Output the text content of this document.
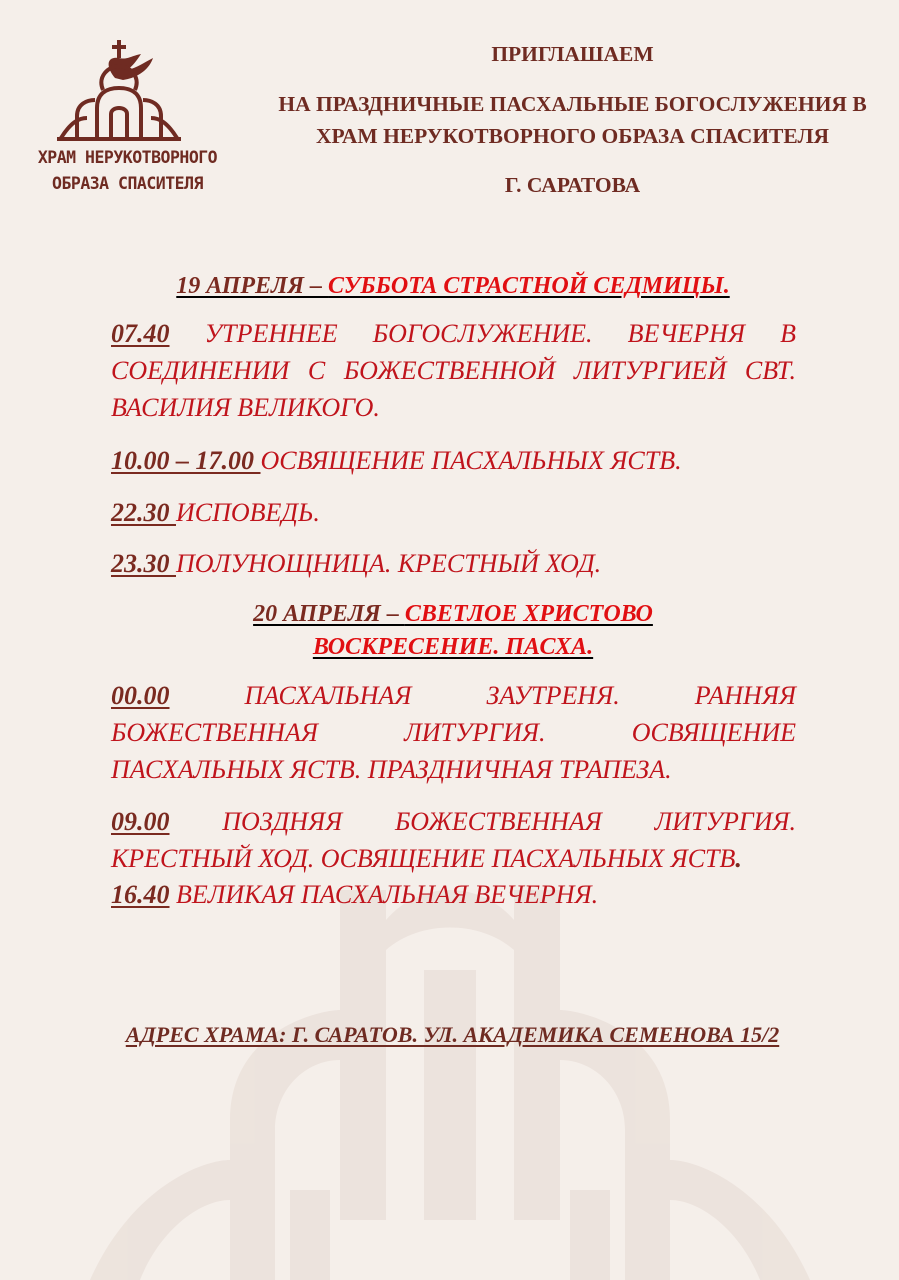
ХРАМ НЕРУКОТВОРНОГО
ОБРАЗА СПАСИТЕЛЯ
ПРИГЛАШАЕМ
НА ПРАЗДНИЧНЫЕ ПАСХАЛЬНЫЕ БОГОСЛУЖЕНИЯ В
ХРАМ НЕРУКОТВОРНОГО ОБРАЗА СПАСИТЕЛЯ
Г. САРАТОВА
19 АПРЕЛЯ – СУББОТА СТРАСТНОЙ СЕДМИЦЫ.
07.40 УТРЕННЕЕ БОГОСЛУЖЕНИЕ. ВЕЧЕРНЯ В СОЕДИНЕНИИ С БОЖЕСТВЕННОЙ ЛИТУРГИЕЙ СВТ. ВАСИЛИЯ ВЕЛИКОГО.
10.00 – 17.00 ОСВЯЩЕНИЕ ПАСХАЛЬНЫХ ЯСТВ.
22.30 ИСПОВЕДЬ.
23.30 ПОЛУНОЩНИЦА. КРЕСТНЫЙ ХОД.
20 АПРЕЛЯ – СВЕТЛОЕ ХРИСТОВО
ВОСКРЕСЕНИЕ. ПАСХА.
00.00 ПАСХАЛЬНАЯ ЗАУТРЕНЯ. РАННЯЯ БОЖЕСТВЕННАЯ ЛИТУРГИЯ. ОСВЯЩЕНИЕ ПАСХАЛЬНЫХ ЯСТВ. ПРАЗДНИЧНАЯ ТРАПЕЗА.
09.00 ПОЗДНЯЯ БОЖЕСТВЕННАЯ ЛИТУРГИЯ. КРЕСТНЫЙ ХОД. ОСВЯЩЕНИЕ ПАСХАЛЬНЫХ ЯСТВ.
16.40 ВЕЛИКАЯ ПАСХАЛЬНАЯ ВЕЧЕРНЯ.
АДРЕС ХРАМА: Г. САРАТОВ. УЛ. АКАДЕМИКА СЕМЕНОВА 15/2
